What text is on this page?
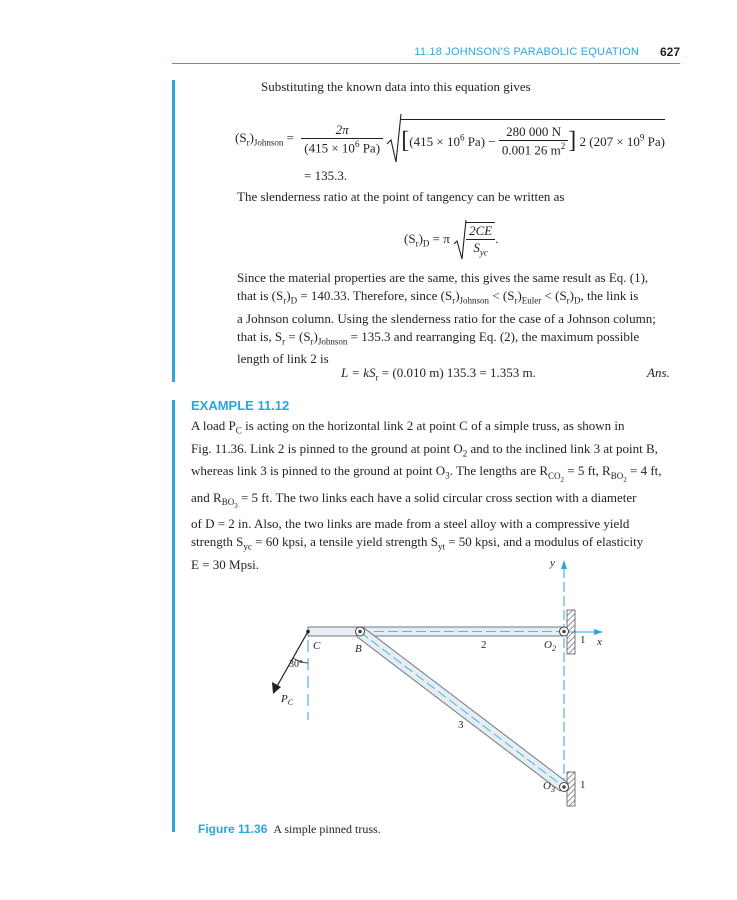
11.18 JOHNSON'S PARABOLIC EQUATION 627
Substituting the known data into this equation gives
$(S_r)_{Johnson} = \frac{2\pi}{(415 \times 10^6 Pa)} [(415 \times 10^6$ $Pa) - \frac{280 000 N}{0.001 26 m^2}$ ] 2 ($207 \times 10^9$ Pa)
= 135.3.
The slenderness ratio at the point of tangency can be written as
$(S_r)_D = \pi \frac{2CE}{S_{yc}}$ .
Since the material properties are the same, this gives the same result as Eq. (1),
that is $(S_r)_D = 140.33$. Therefore, since $(S_r)_{Johnson} < (S_r)_{Euler} < (S_r)_D$, the link is
a Johnson column. Using the slenderness ratio for the case of a Johnson column;
that is, $S_r = (S_r)_{Johnson} = 135.3$ and rearranging Eq. (2), the maximum possible
length of link 2 is
$L = kS_r = (0.010$ m) 135.3 = 1.353 m.	Ans.
EXAMPLE 11.12
A load $P_C$ is acting on the horizontal link 2 at point C of a simple truss, as shown in
Fig. 11.36. Link 2 is pinned to the ground at point $O_2$ and to the inclined link 3 at point B,
whereas link 3 is pinned to the ground at point $O_3$. The lengths are $R_{CO_2} = 5$ ft, $R_{BO_2} = 4$ ft,
and $R_{BO_3} = 5$ ft. The two links each have a solid circular cross section with a diameter
of D = 2 in. Also, the two links are made from a steel alloy with a compressive yield
strength $S_{yc} = 60$ kpsi, a tensile yield strength $S_{yt} = 50$ kpsi, and a modulus of elasticity
E = 30 Mpsi.	y
x
1
1
C	B	2
3
$O_2$
$O_3$
30°
$P_C$
Figure 11.36 A simple pinned truss.
